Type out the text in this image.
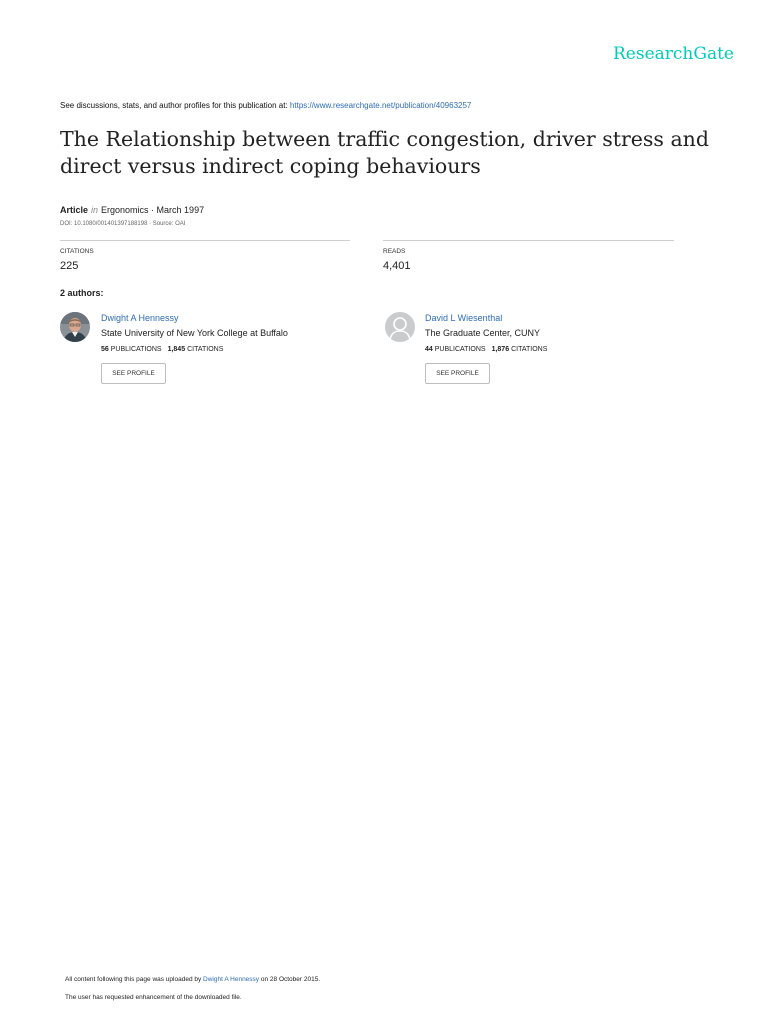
ResearchGate
See discussions, stats, and author profiles for this publication at: https://www.researchgate.net/publication/40963257
The Relationship between traffic congestion, driver stress and direct versus indirect coping behaviours
Article in Ergonomics · March 1997
DOI: 10.1080/001401397188198 · Source: OAI
CITATIONS
225
READS
4,401
2 authors:
Dwight A Hennessy
State University of New York College at Buffalo
56 PUBLICATIONS 1,845 CITATIONS
SEE PROFILE
David L Wiesenthal
The Graduate Center, CUNY
44 PUBLICATIONS 1,876 CITATIONS
SEE PROFILE
All content following this page was uploaded by Dwight A Hennessy on 28 October 2015.
The user has requested enhancement of the downloaded file.
